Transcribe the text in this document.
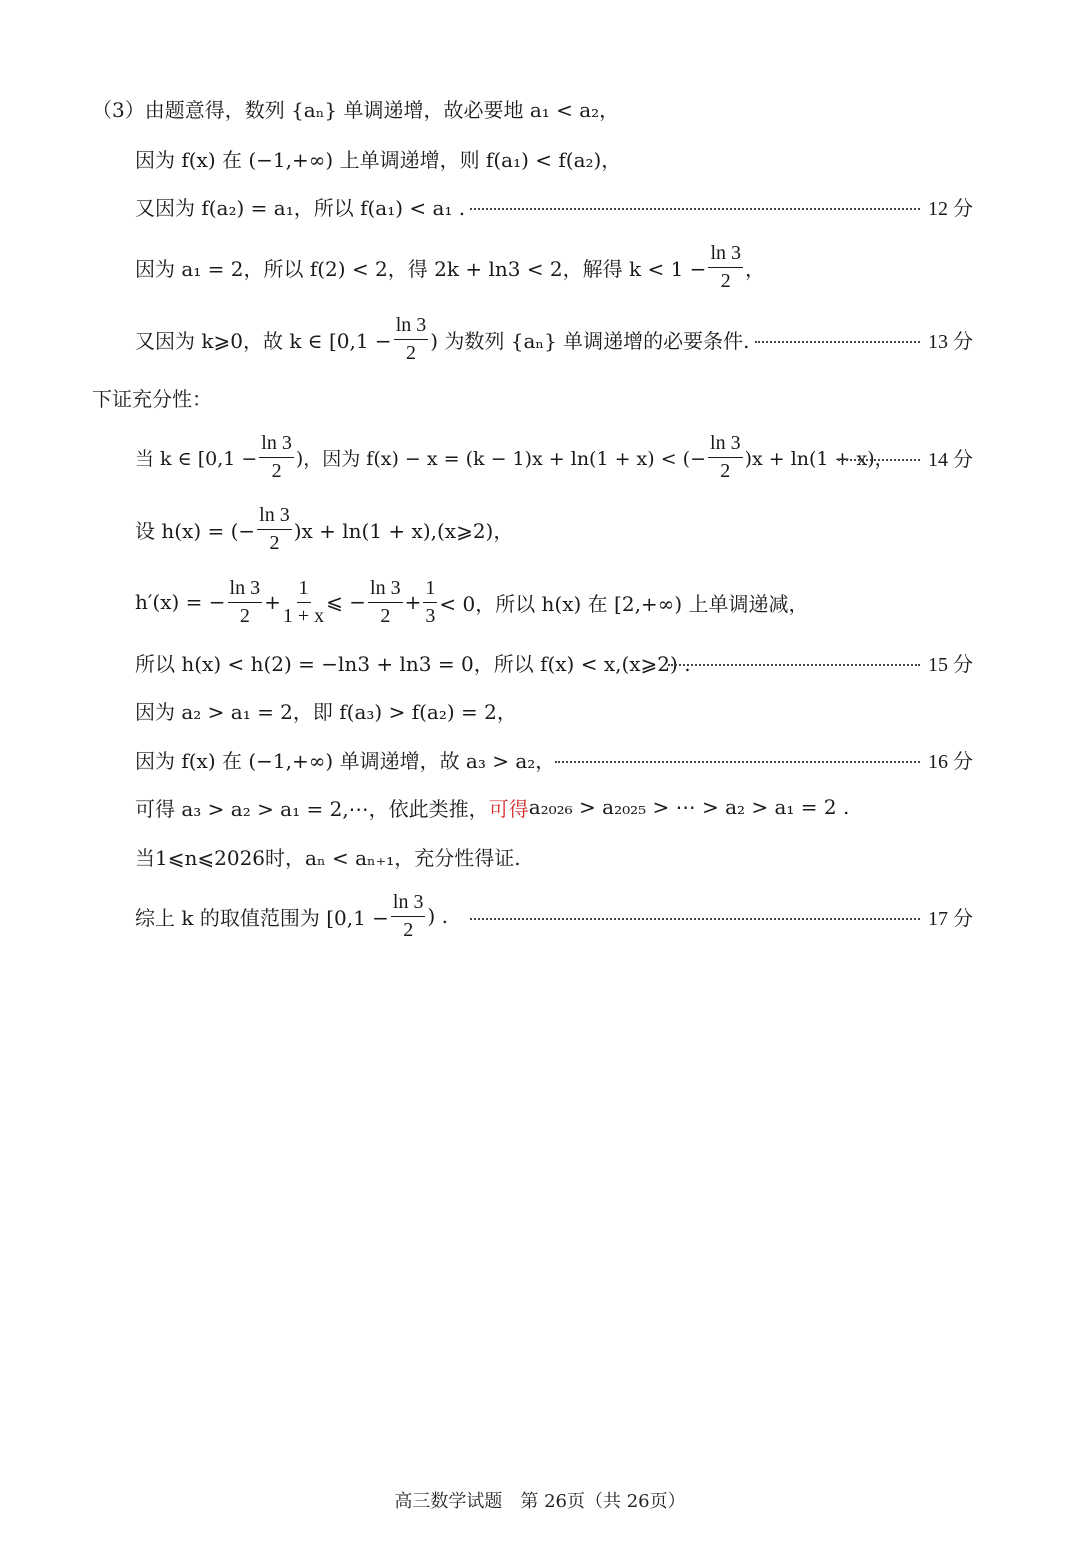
（3）由题意得，数列 {aₙ} 单调递增，故必要地 a₁ < a₂，
因为 f(x) 在 (−1,+∞) 上单调递增，则 f(a₁) < f(a₂)，
又因为 f(a₂) = a₁，所以 f(a₁) < a₁ .	12 分
因为 a₁ = 2，所以 f(2) < 2，得 2k + ln3 < 2，解得 $k < 1 - \frac{\ln 3}{2}$ ，
又因为 k⩾0，故 k ∈ [$0,1 - \frac{\ln 3}{2}$ ) 为数列 {aₙ} 单调递增的必要条件.	13 分
下证充分性：
当 k ∈ [$0,1 - \frac{\ln 3}{2}$ )，因为 f(x) − x = (k − 1)x + ln(1 + x) < (− $\frac{\ln 3}{2} )x + \ln(1 + x)$， 14 分
设 h(x) = (− $\frac{\ln 3}{2} )x + \ln(1$ + x),(x⩾2)，
h′(x) = − $\frac{\ln 3}{2} + \frac{1}{1 + x}$ ⩽ − $\frac{\ln 3}{2} + \frac{1}{3} < 0$，所以 h(x) 在 [2,+∞) 上单调递减，
所以 h(x) < h(2) = −ln3 + ln3 = 0，所以 f(x) < x,(x⩾2) .	15 分
因为 a₂ > a₁ = 2，即 f(a₃) > f(a₂) = 2，
因为 f(x) 在 (−1,+∞) 单调递增，故 a₃ > a₂，	16 分
可得 a₃ > a₂ > a₁ = 2,⋯，依此类推， 可得 a₂₀₂₆ > a₂₀₂₅ > ⋯ > a₂ > a₁ = 2 .
当1⩽n⩽2026时，aₙ < aₙ₊₁，充分性得证.
综上 k 的取值范围为 [$0,1 - \frac{\ln 3}{2}$ ) .	17 分
高三数学试题　第 26页（共 26页）
